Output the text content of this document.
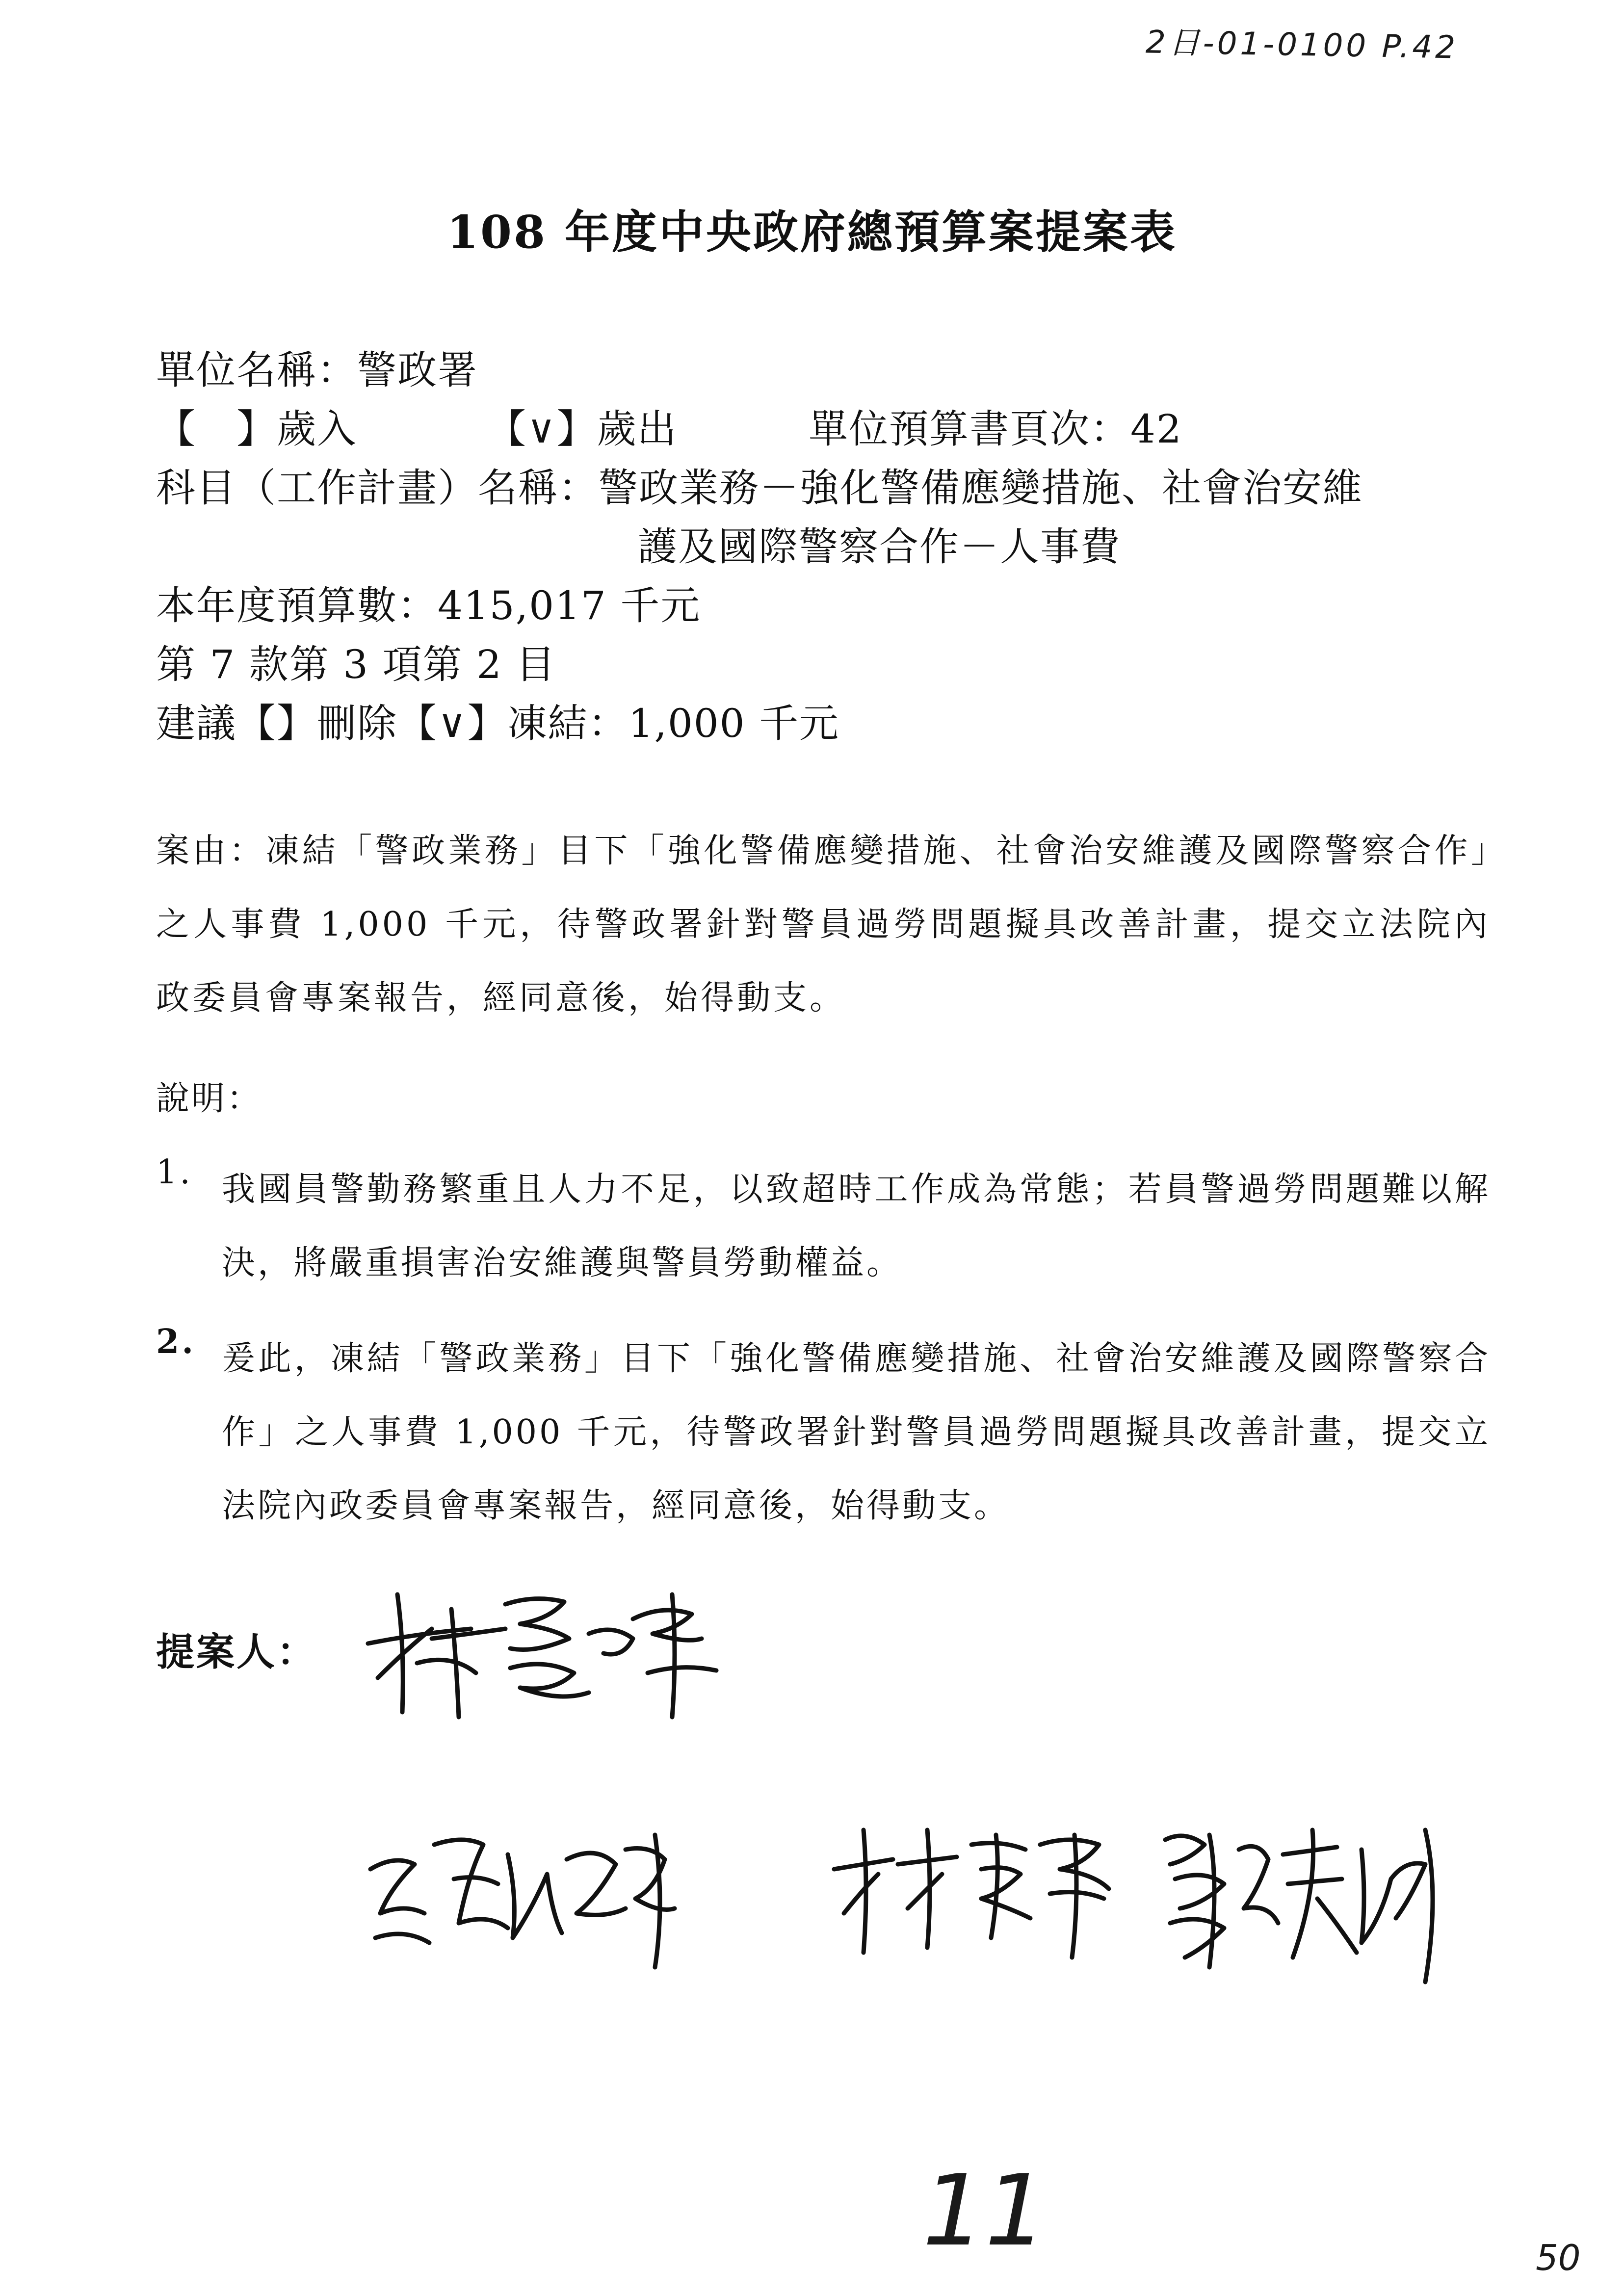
2日-01-0100 P.42
108 年度中央政府總預算案提案表
單位名稱：警政署
【　】歲入	【∨】歲出	單位預算書頁次：42
科目（工作計畫）名稱：警政業務－強化警備應變措施、社會治安維
護及國際警察合作－人事費
本年度預算數：415,017 千元
第 7 款第 3 項第 2 目
建議【】刪除【∨】凍結：1,000 千元
案由：凍結「警政業務」目下「強化警備應變措施、社會治安維護及國際警察合作」之人事費 1,000 千元，待警政署針對警員過勞問題擬具改善計畫，提交立法院內政委員會專案報告，經同意後，始得動支。
說明：
1. 我國員警勤務繁重且人力不足，以致超時工作成為常態；若員警過勞問題難以解決，將嚴重損害治安維護與警員勞動權益。
2. 爰此，凍結「警政業務」目下「強化警備應變措施、社會治安維護及國際警察合作」之人事費 1,000 千元，待警政署針對警員過勞問題擬具改善計畫，提交立法院內政委員會專案報告，經同意後，始得動支。
提案人：
11	50
